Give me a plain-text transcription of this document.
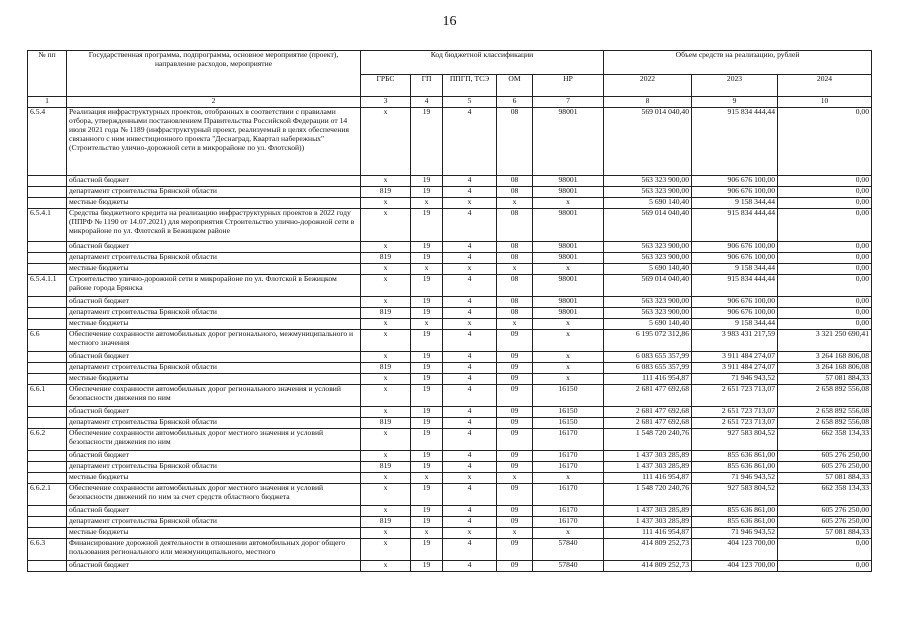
16
№ пп	Государственная программа, подпрограмма, основное мероприятие (проект), направление расходов, мероприятие	Код бюджетной классификации					Объем средств на реализацию, рублей		
		ГРБС	ГП	ППГП, ТСЭ	ОМ	НР	2022	2023	2024
1	2	3	4	5	6	7	8	9	10
6.5.4	Реализация инфраструктурных проектов, отобранных в соответствии с правилами отбора, утвержденными постановлением Правительства Российской Федерации от 14 июля 2021 года № 1189 (инфраструктурный проект, реализуемый в целях обеспечения связанного с ним инвестиционного проекта "Деснаград, Квартал набережных" (Строительство улично-дорожной сети в микрорайоне по ул. Флотской))	х	19	4	08	98001	569 014 040,40	915 834 444,44	0,00
	областной бюджет	х	19	4	08	98001	563 323 900,00	906 676 100,00	0,00
	департамент строительства Брянской области	819	19	4	08	98001	563 323 900,00	906 676 100,00	0,00
	местные бюджеты	х	х	х	х	х	5 690 140,40	9 158 344,44	0,00
6.5.4.1	Средства бюджетного кредита на реализацию инфраструктурных проектов в 2022 году (ППРФ № 1190 от 14.07.2021) для мероприятия Строительство улично-дорожной сети в микрорайоне по ул. Флотской в Бежицком районе	х	19	4	08	98001	569 014 040,40	915 834 444,44	0,00
	областной бюджет	х	19	4	08	98001	563 323 900,00	906 676 100,00	0,00
	департамент строительства Брянской области	819	19	4	08	98001	563 323 900,00	906 676 100,00	0,00
	местные бюджеты	х	х	х	х	х	5 690 140,40	9 158 344,44	0,00
6.5.4.1.1	Строительство улично-дорожной сети в микрорайоне по ул. Флотской в Бежицком районе города Брянска	х	19	4	08	98001	569 014 040,40	915 834 444,44	0,00
	областной бюджет	х	19	4	08	98001	563 323 900,00	906 676 100,00	0,00
	департамент строительства Брянской области	819	19	4	08	98001	563 323 900,00	906 676 100,00	0,00
	местные бюджеты	х	х	х	х	х	5 690 140,40	9 158 344,44	0,00
6.6	Обеспечение сохранности автомобильных дорог регионального, межмуниципального и местного значения	х	19	4	09	х	6 195 072 312,86	3 983 431 217,59	3 321 250 690,41
	областной бюджет	х	19	4	09	х	6 083 655 357,99	3 911 484 274,07	3 264 168 806,08
	департамент строительства Брянской области	819	19	4	09	х	6 083 655 357,99	3 911 484 274,07	3 264 168 806,08
	местные бюджеты	х	19	4	09	х	111 416 954,87	71 946 943,52	57 081 884,33
6.6.1	Обеспечение сохранности автомобильных дорог регионального значения и условий безопасности движения по ним	х	19	4	09	16150	2 681 477 692,68	2 651 723 713,07	2 658 892 556,08
	областной бюджет	х	19	4	09	16150	2 681 477 692,68	2 651 723 713,07	2 658 892 556,08
	департамент строительства Брянской области	819	19	4	09	16150	2 681 477 692,68	2 651 723 713,07	2 658 892 556,08
6.6.2	Обеспечение сохранности автомобильных дорог местного значения и условий безопасности движения по ним	х	19	4	09	16170	1 548 720 240,76	927 583 804,52	662 358 134,33
	областной бюджет	х	19	4	09	16170	1 437 303 285,89	855 636 861,00	605 276 250,00
	департамент строительства Брянской области	819	19	4	09	16170	1 437 303 285,89	855 636 861,00	605 276 250,00
	местные бюджеты	х	х	х	х	х	111 416 954,87	71 946 943,52	57 081 884,33
6.6.2.1	Обеспечение сохранности автомобильных дорог местного значения и условий безопасности движений по ним за счет средств областного бюджета	х	19	4	09	16170	1 548 720 240,76	927 583 804,52	662 358 134,33
	областной бюджет	х	19	4	09	16170	1 437 303 285,89	855 636 861,00	605 276 250,00
	департамент строительства Брянской области	819	19	4	09	16170	1 437 303 285,89	855 636 861,00	605 276 250,00
	местные бюджеты	х	х	х	х	х	111 416 954,87	71 946 943,52	57 081 884,33
6.6.3	Финансирование дорожной деятельности в отношении автомобильных дорог общего пользования регионального или межмуниципального, местного	х	19	4	09	57840	414 809 252,73	404 123 700,00	0,00
	областной бюджет	х	19	4	09	57840	414 809 252,73	404 123 700,00	0,00
